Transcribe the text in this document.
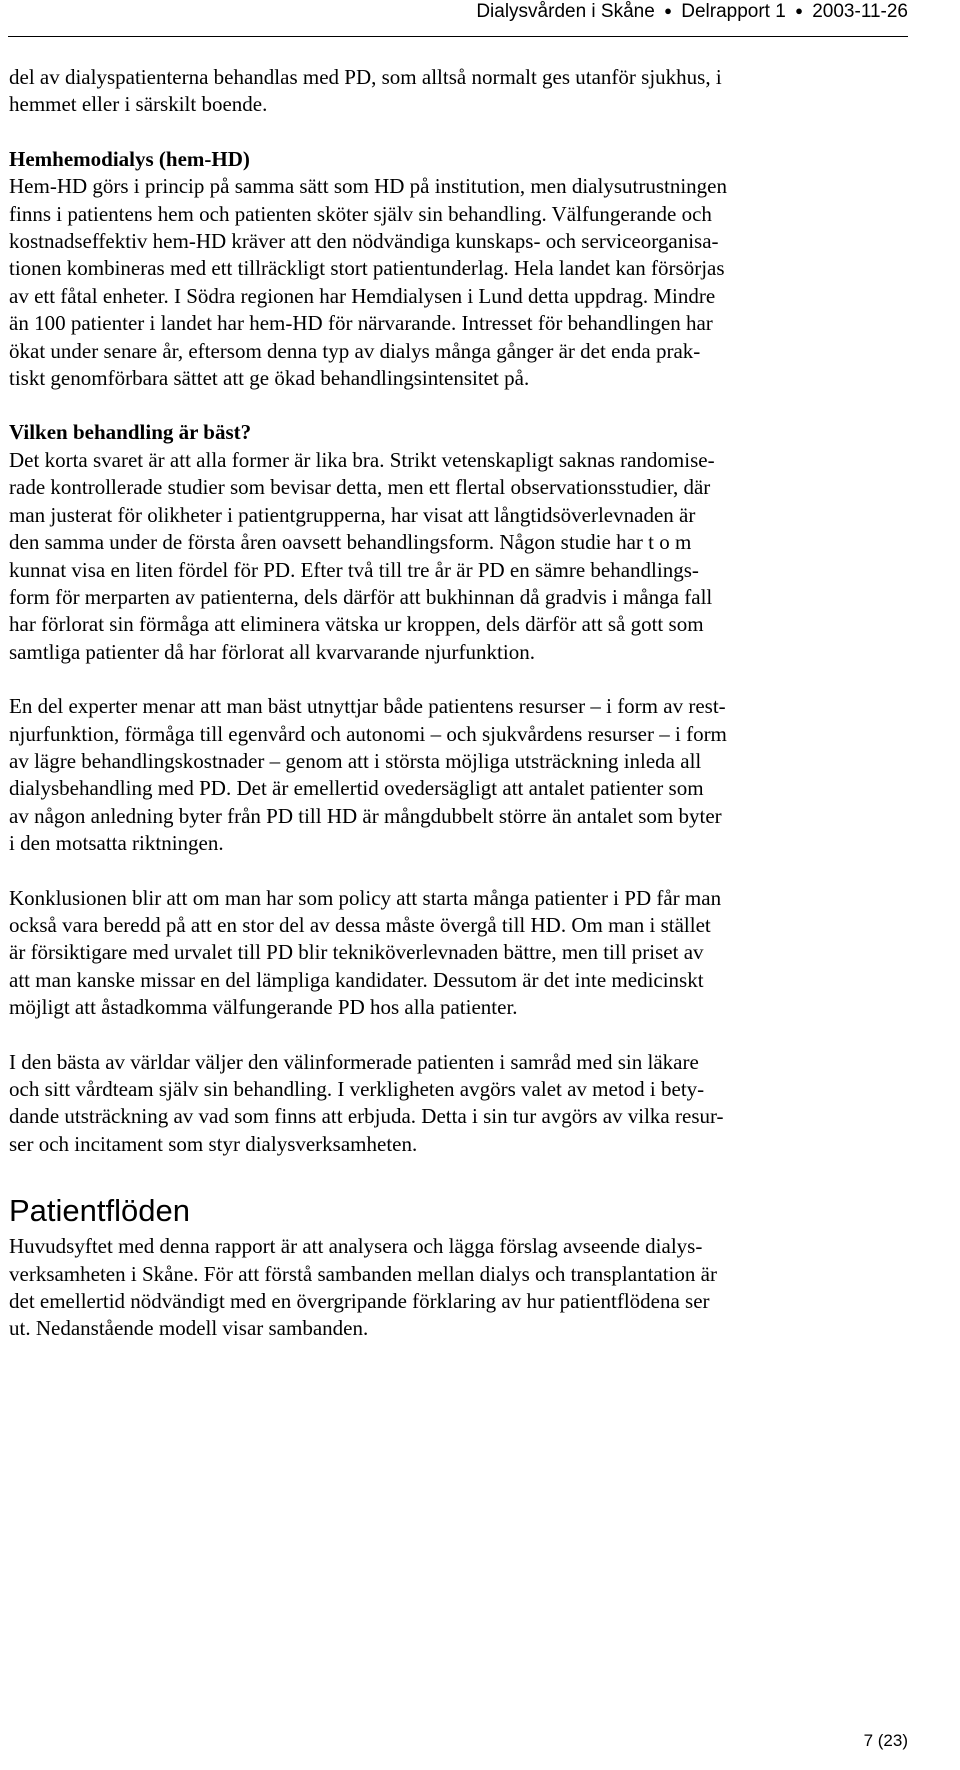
Dialysvården i Skåne ● Delrapport 1 ● 2003-11-26

del av dialyspatienterna behandlas med PD, som alltså normalt ges utanför sjukhus, i
hemmet eller i särskilt boende.

Hemhemodialys (hem-HD)
Hem-HD görs i princip på samma sätt som HD på institution, men dialysutrustningen
finns i patientens hem och patienten sköter själv sin behandling. Välfungerande och
kostnadseffektiv hem-HD kräver att den nödvändiga kunskaps- och serviceorganisa-
tionen kombineras med ett tillräckligt stort patientunderlag. Hela landet kan försörjas
av ett fåtal enheter. I Södra regionen har Hemdialysen i Lund detta uppdrag. Mindre
än 100 patienter i landet har hem-HD för närvarande. Intresset för behandlingen har
ökat under senare år, eftersom denna typ av dialys många gånger är det enda prak-
tiskt genomförbara sättet att ge ökad behandlingsintensitet på.

Vilken behandling är bäst?
Det korta svaret är att alla former är lika bra. Strikt vetenskapligt saknas randomise-
rade kontrollerade studier som bevisar detta, men ett flertal observationsstudier, där
man justerat för olikheter i patientgrupperna, har visat att långtidsöverlevnaden är
den samma under de första åren oavsett behandlingsform. Någon studie har t o m
kunnat visa en liten fördel för PD. Efter två till tre år är PD en sämre behandlings-
form för merparten av patienterna, dels därför att bukhinnan då gradvis i många fall
har förlorat sin förmåga att eliminera vätska ur kroppen, dels därför att så gott som
samtliga patienter då har förlorat all kvarvarande njurfunktion.

En del experter menar att man bäst utnyttjar både patientens resurser – i form av rest-
njurfunktion, förmåga till egenvård och autonomi – och sjukvårdens resurser – i form
av lägre behandlingskostnader – genom att i största möjliga utsträckning inleda all
dialysbehandling med PD. Det är emellertid ovedersägligt att antalet patienter som
av någon anledning byter från PD till HD är mångdubbelt större än antalet som byter
i den motsatta riktningen.

Konklusionen blir att om man har som policy att starta många patienter i PD får man
också vara beredd på att en stor del av dessa måste övergå till HD. Om man i stället
är försiktigare med urvalet till PD blir tekniköverlevnaden bättre, men till priset av
att man kanske missar en del lämpliga kandidater. Dessutom är det inte medicinskt
möjligt att åstadkomma välfungerande PD hos alla patienter.

I den bästa av världar väljer den välinformerade patienten i samråd med sin läkare
och sitt vårdteam själv sin behandling. I verkligheten avgörs valet av metod i bety-
dande utsträckning av vad som finns att erbjuda. Detta i sin tur avgörs av vilka resur-
ser och incitament som styr dialysverksamheten.

Patientflöden

Huvudsyftet med denna rapport är att analysera och lägga förslag avseende dialys-
verksamheten i Skåne. För att förstå sambanden mellan dialys och transplantation är
det emellertid nödvändigt med en övergripande förklaring av hur patientflödena ser
ut. Nedanstående modell visar sambanden.

7 (23)
